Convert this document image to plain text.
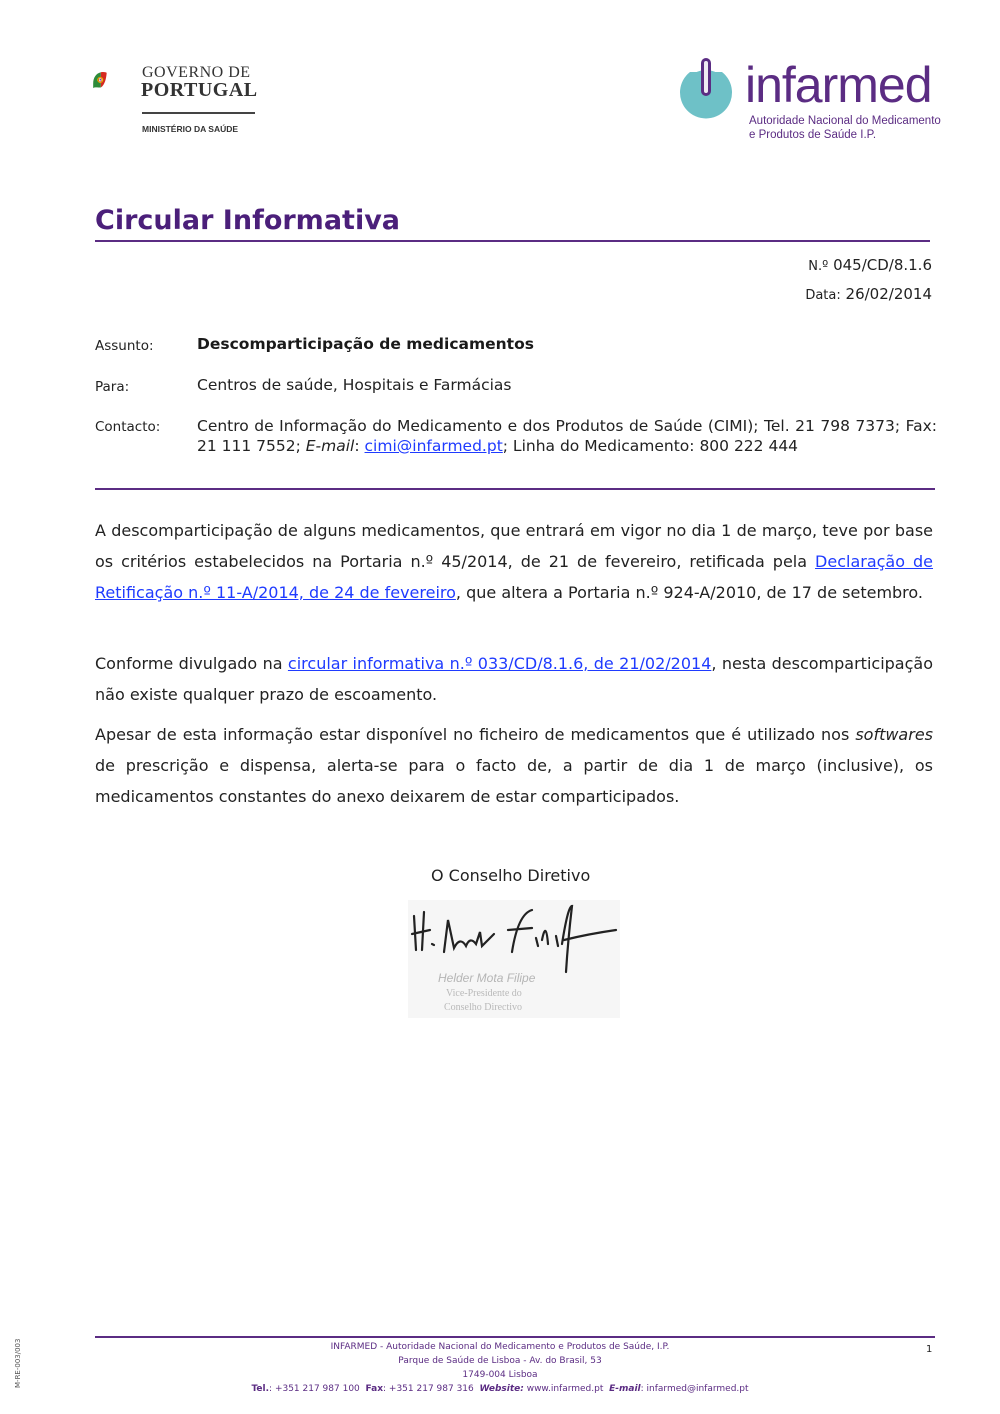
GOVERNO DE
PORTUGAL
MINISTÉRIO DA SAÚDE
infarmed
Autoridade Nacional do Medicamento
e Produtos de Saúde I.P.
Circular Informativa
N.º 045/CD/8.1.6
Data: 26/02/2014
Assunto:	Descomparticipação de medicamentos
Para:	Centros de saúde, Hospitais e Farmácias
Contacto: Centro de Informação do Medicamento e dos Produtos de Saúde (CIMI); Tel. 21 798 7373; Fax: 21 111 7552; E-mail: cimi@infarmed.pt; Linha do Medicamento: 800 222 444
A descomparticipação de alguns medicamentos, que entrará em vigor no dia 1 de março, teve por base os critérios estabelecidos na Portaria n.º 45/2014, de 21 de fevereiro, retificada pela Declaração de Retificação n.º 11-A/2014, de 24 de fevereiro, que altera a Portaria n.º 924-A/2010, de 17 de setembro.
Conforme divulgado na circular informativa n.º 033/CD/8.1.6, de 21/02/2014, nesta descomparticipação não existe qualquer prazo de escoamento.
Apesar de esta informação estar disponível no ficheiro de medicamentos que é utilizado nos softwares de prescrição e dispensa, alerta-se para o facto de, a partir de dia 1 de março (inclusive), os medicamentos constantes do anexo deixarem de estar comparticipados.
O Conselho Diretivo
Helder Mota Filipe
Vice-Presidente do
Conselho Directivo
INFARMED - Autoridade Nacional do Medicamento e Produtos de Saúde, I.P.
Parque de Saúde de Lisboa - Av. do Brasil, 53
1749-004 Lisboa
Tel.: +351 217 987 100 Fax: +351 217 987 316 Website: www.infarmed.pt E-mail: infarmed@infarmed.pt
1
M-RE-003/003
